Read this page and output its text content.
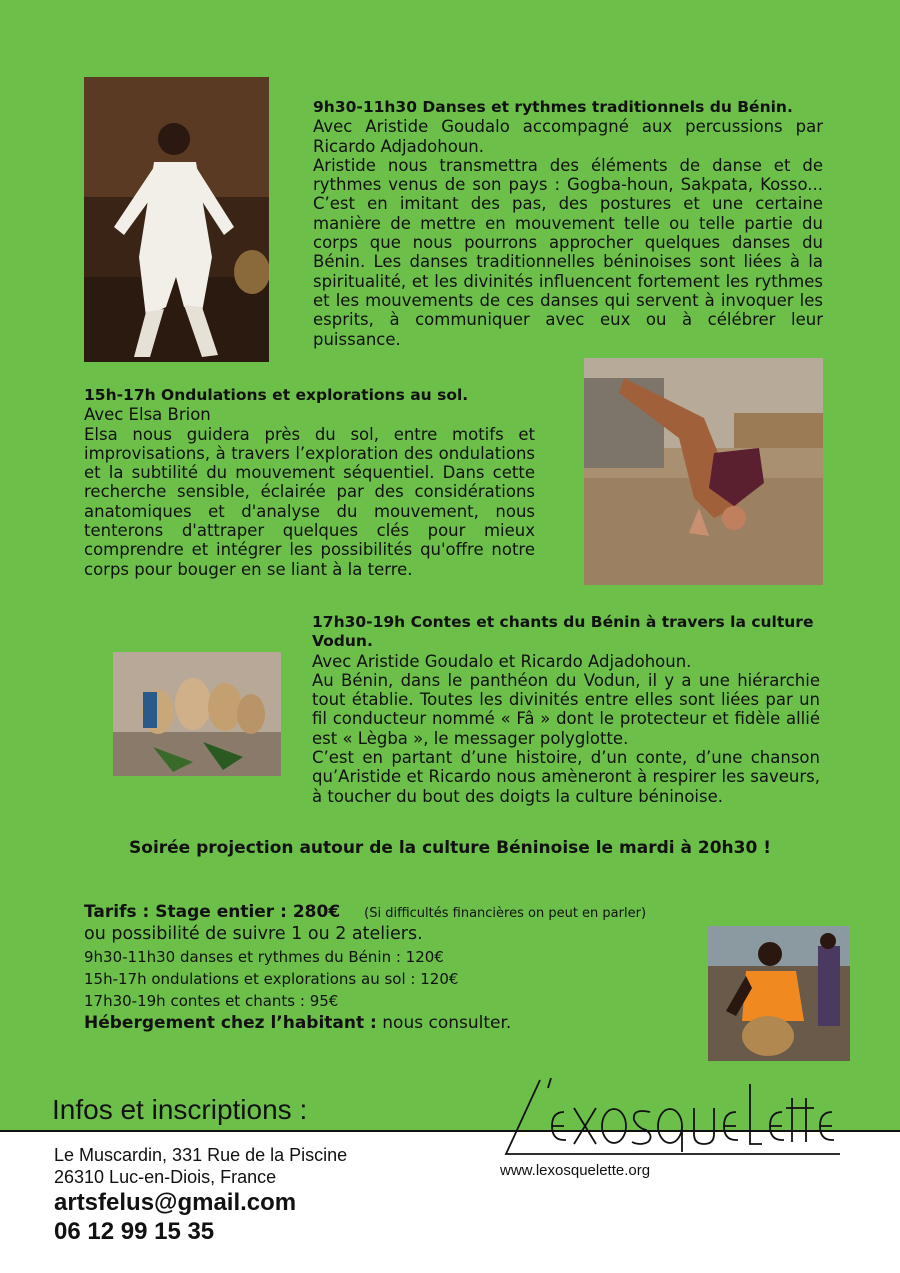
9h30-11h30 Danses et rythmes traditionnels du Bénin.

Avec Aristide Goudalo accompagné aux percussions par Ricardo Adjadohoun.

Aristide nous transmettra des éléments de danse et de rythmes venus de son pays : Gogba-houn, Sakpata, Kosso... C’est en imitant des pas, des postures et une certaine manière de mettre en mouvement telle ou telle partie du corps que nous pourrons approcher quelques danses du Bénin. Les danses traditionnelles béninoises sont liées à la spiritualité, et les divinités influencent fortement les rythmes et les mouvements de ces danses qui servent à invoquer les esprits, à communiquer avec eux ou à célébrer leur puissance.

15h-17h Ondulations et explorations au sol.

Avec Elsa Brion

Elsa nous guidera près du sol, entre motifs et improvisations, à travers l’exploration des ondulations et la subtilité du mouvement séquentiel. Dans cette recherche sensible, éclairée par des considérations anatomiques et d'analyse du mouvement, nous tenterons d'attraper quelques clés pour mieux comprendre et intégrer les possibilités qu'offre notre corps pour bouger en se liant à la terre.

17h30-19h Contes et chants du Bénin à travers la culture Vodun.

Avec Aristide Goudalo et Ricardo Adjadohoun.

Au Bénin, dans le panthéon du Vodun, il y a une hiérarchie tout établie. Toutes les divinités entre elles sont liées par un fil conducteur nommé « Fâ » dont le protecteur et fidèle allié est « Lègba », le messager polyglotte.

C’est en partant d’une histoire, d’un conte, d’une chanson qu’Aristide et Ricardo nous amèneront à respirer les saveurs, à toucher du bout des doigts la culture béninoise.

Soirée projection autour de la culture Béninoise le mardi à 20h30 !
Tarifs : Stage entier : 280€ (Si difficultés financières on peut en parler)
ou possibilité de suivre 1 ou 2 ateliers.
9h30-11h30 danses et rythmes du Bénin : 120€
15h-17h ondulations et explorations au sol : 120€
17h30-19h contes et chants : 95€
Hébergement chez l’habitant : nous consulter.
Infos et inscriptions :
www.lexosquelette.org
Le Muscardin, 331 Rue de la Piscine
26310 Luc-en-Diois, France
artsfelus@gmail.com
06 12 99 15 35
